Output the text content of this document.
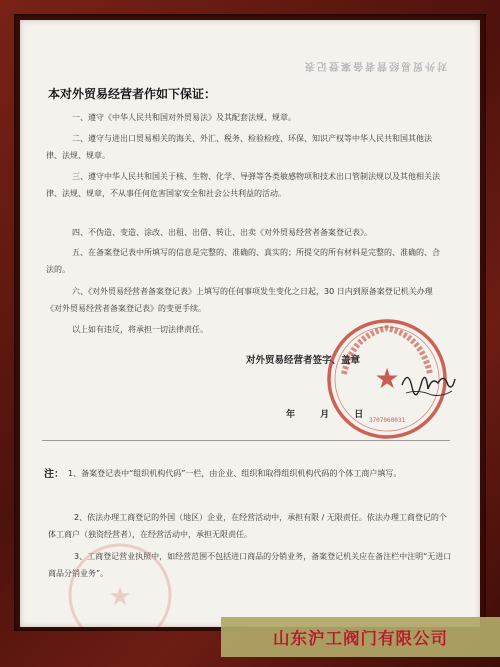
对外贸易经营者备案登记表
本对外贸易经营者作如下保证：

一、遵守《中华人民共和国对外贸易法》及其配套法规、规章。

二、遵守与进出口贸易相关的海关、外汇、税务、检验检疫、环保、知识产权等中华人民共和国其他法律、法规、规章。

三、遵守中华人民共和国关于核、生物、化学、导弹等各类敏感物项和技术出口管制法规以及其他相关法律、法规、规章，不从事任何危害国家安全和社会公共利益的活动。

四、不伪造、变造、涂改、出租、出借、转让、出卖《对外贸易经营者备案登记表》。

五、在备案登记表中所填写的信息是完整的、准确的、真实的；所提交的所有材料是完整的、准确的、合法的。

六、《对外贸易经营者备案登记表》上填写的任何事项发生变化之日起，30 日内到原备案登记机关办理《对外贸易经营者备案登记表》的变更手续。

以上如有违反，将承担一切法律责任。

★
3707060031
对外贸易经营者签字、盖章
年 月 日
注： 1、备案登记表中“组织机构代码”一栏，由企业、组织和取得组织机构代码的个体工商户填写。

2、依法办理工商登记的外国（地区）企业，在经营活动中，承担有限 / 无限责任。依法办理工商登记的个体工商户（独资经营者），在经营活动中，承担无限责任。

3、工商登记营业执照中，如经营范围不包括进口商品的分销业务，备案登记机关应在备注栏中注明“无进口商品分销业务”。

★
山东沪工阀门有限公司
